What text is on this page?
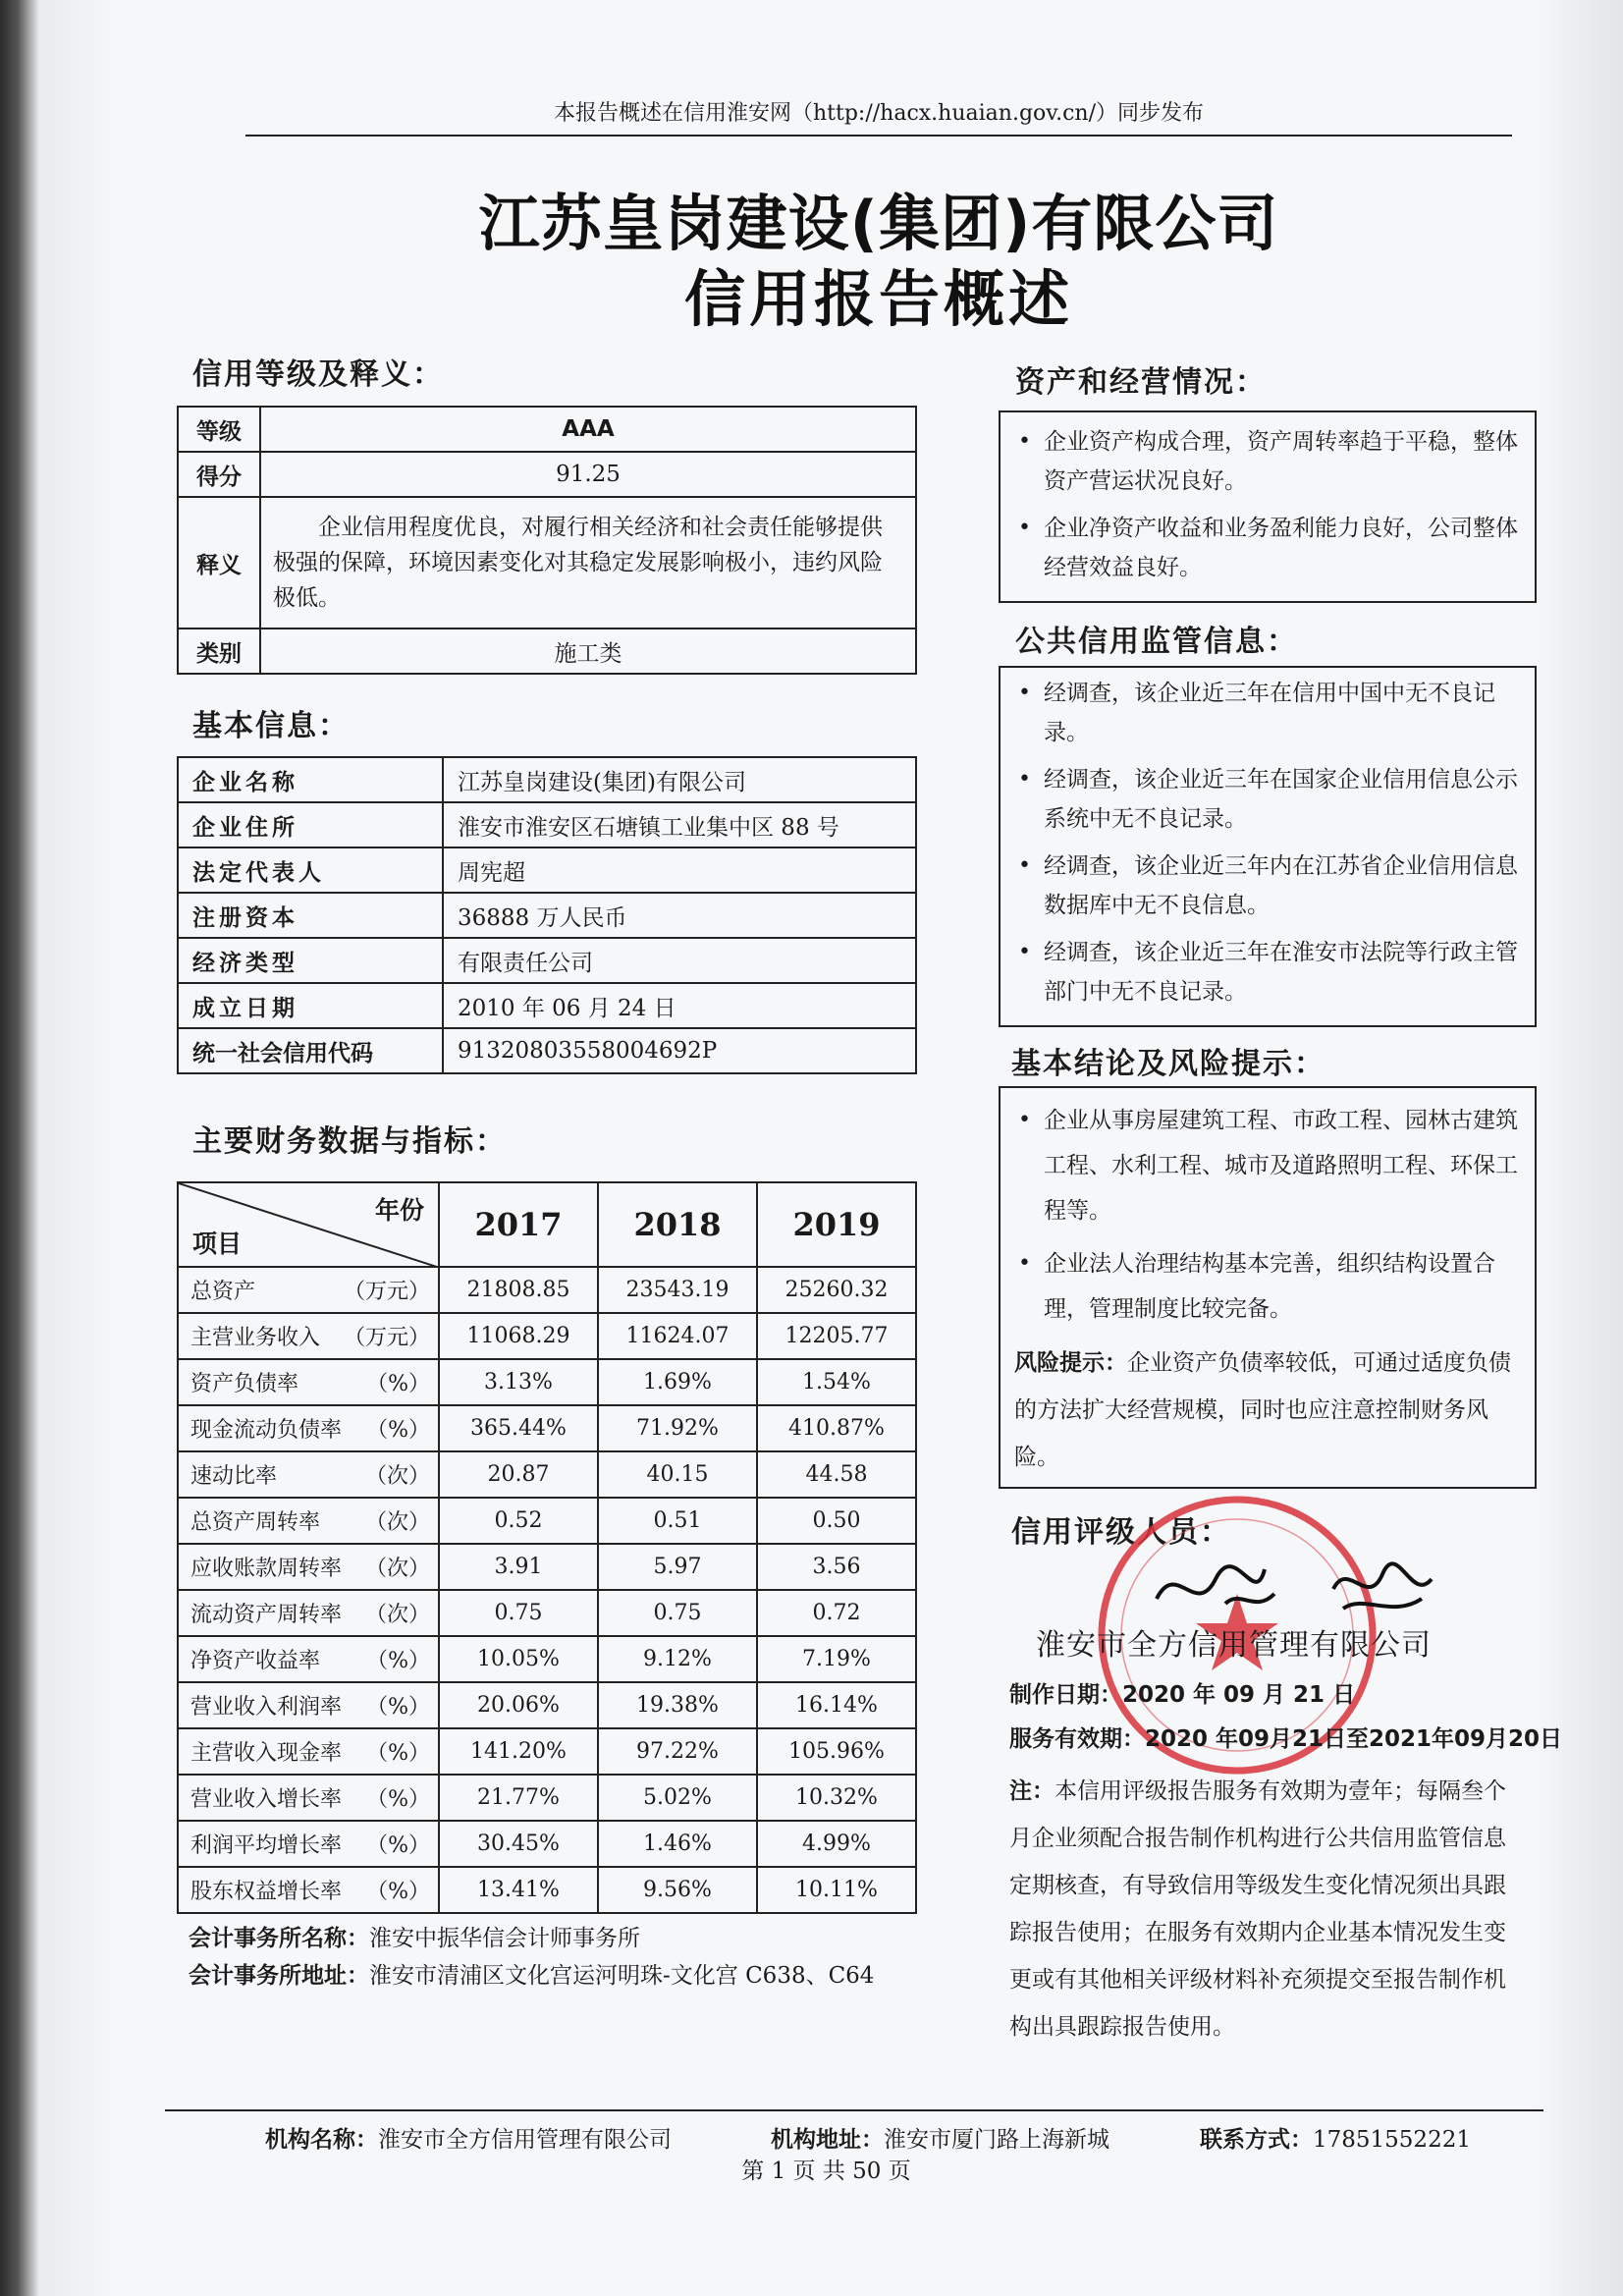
本报告概述在信用淮安网（http://hacx.huaian.gov.cn/）同步发布
江苏皇岗建设(集团)有限公司
信用报告概述
信用等级及释义：
等级	AAA
得分	91.25
释义	企业信用程度优良，对履行相关经济和社会责任能够提供极强的保障，环境因素变化对其稳定发展影响极小，违约风险极低。
类别	施工类
基本信息：
企业名称	江苏皇岗建设(集团)有限公司
企业住所	淮安市淮安区石塘镇工业集中区 88 号
法定代表人	周宪超
注册资本	36888 万人民币
经济类型	有限责任公司
成立日期	2010 年 06 月 24 日
统一社会信用代码	91320803558004692P
主要财务数据与指标：
年份
项目	2017	2018	2019
总资产 （万元）	21808.85	23543.19	25260.32
主营业务收入 （万元）	11068.29	11624.07	12205.77
资产负债率 （%）	3.13%	1.69%	1.54%
现金流动负债率 （%）	365.44%	71.92%	410.87%
速动比率 （次）	20.87	40.15	44.58
总资产周转率 （次）	0.52	0.51	0.50
应收账款周转率 （次）	3.91	5.97	3.56
流动资产周转率 （次）	0.75	0.75	0.72
净资产收益率 （%）	10.05%	9.12%	7.19%
营业收入利润率 （%）	20.06%	19.38%	16.14%
主营收入现金率 （%）	141.20%	97.22%	105.96%
营业收入增长率 （%）	21.77%	5.02%	10.32%
利润平均增长率 （%）	30.45%	1.46%	4.99%
股东权益增长率 （%）	13.41%	9.56%	10.11%
会计事务所名称：淮安中振华信会计师事务所
会计事务所地址：淮安市清浦区文化宫运河明珠-文化宫 C638、C64
资产和经营情况：
• 企业资产构成合理，资产周转率趋于平稳，整体资产营运状况良好。
• 企业净资产收益和业务盈利能力良好，公司整体经营效益良好。
公共信用监管信息：
• 经调查，该企业近三年在信用中国中无不良记录。
• 经调查，该企业近三年在国家企业信用信息公示系统中无不良记录。
• 经调查，该企业近三年内在江苏省企业信用信息数据库中无不良信息。
• 经调查，该企业近三年在淮安市法院等行政主管部门中无不良记录。
基本结论及风险提示：
• 企业从事房屋建筑工程、市政工程、园林古建筑工程、水利工程、城市及道路照明工程、环保工程等。
• 企业法人治理结构基本完善，组织结构设置合理，管理制度比较完备。
风险提示：企业资产负债率较低，可通过适度负债的方法扩大经营规模，同时也应注意控制财务风险。
信用评级人员：
淮安市全方信用管理有限公司
制作日期：2020 年 09 月 21 日
服务有效期：2020 年09月21日至2021年09月20日
注：本信用评级报告服务有效期为壹年；每隔叁个月企业须配合报告制作机构进行公共信用监管信息定期核查，有导致信用等级发生变化情况须出具跟踪报告使用；在服务有效期内企业基本情况发生变更或有其他相关评级材料补充须提交至报告制作机构出具跟踪报告使用。
机构名称：淮安市全方信用管理有限公司	机构地址：淮安市厦门路上海新城	联系方式：17851552221
第 1 页 共 50 页
